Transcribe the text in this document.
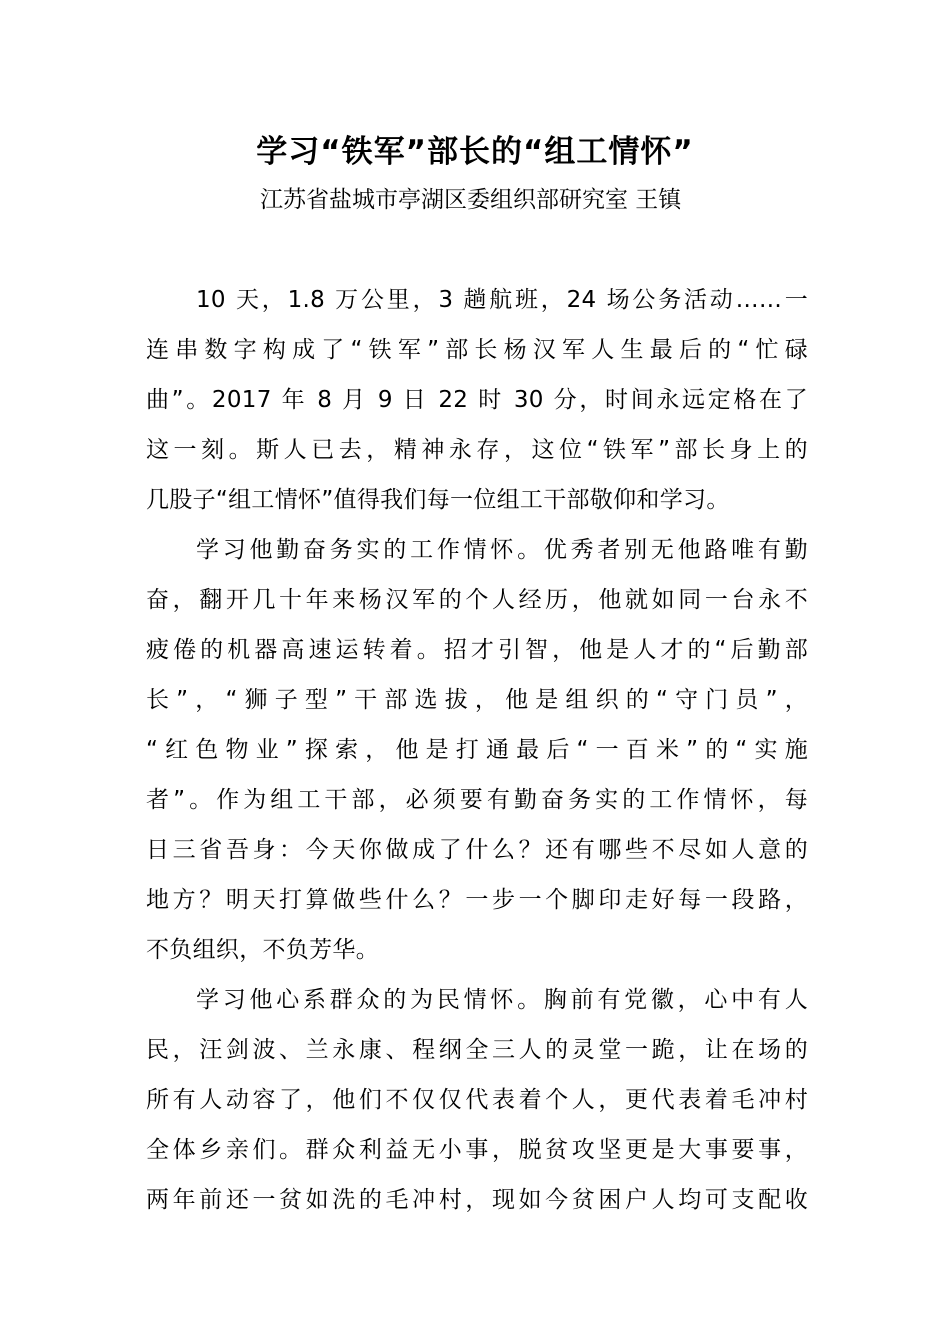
学习“铁军”部长的“组工情怀”

江苏省盐城市亭湖区委组织部研究室 王镇

10 天，1.8 万公里，3 趟航班，24 场公务活动……一
连串数字构成了“铁军”部长杨汉军人生最后的“忙碌
曲”。2017 年 8 月 9 日 22 时 30 分，时间永远定格在了
这一刻。斯人已去，精神永存，这位“铁军”部长身上的
几股子“组工情怀”值得我们每一位组工干部敬仰和学习。

学习他勤奋务实的工作情怀。优秀者别无他路唯有勤
奋，翻开几十年来杨汉军的个人经历，他就如同一台永不
疲倦的机器高速运转着。招才引智，他是人才的“后勤部
长”，“狮子型”干部选拔，他是组织的“守门员”，
“红色物业”探索，他是打通最后“一百米”的“实施
者”。作为组工干部，必须要有勤奋务实的工作情怀，每
日三省吾身：今天你做成了什么？还有哪些不尽如人意的
地方？明天打算做些什么？一步一个脚印走好每一段路，
不负组织，不负芳华。

学习他心系群众的为民情怀。胸前有党徽，心中有人
民，汪剑波、兰永康、程纲全三人的灵堂一跪，让在场的
所有人动容了，他们不仅仅代表着个人，更代表着毛冲村
全体乡亲们。群众利益无小事，脱贫攻坚更是大事要事，
两年前还一贫如洗的毛冲村，现如今贫困户人均可支配收
